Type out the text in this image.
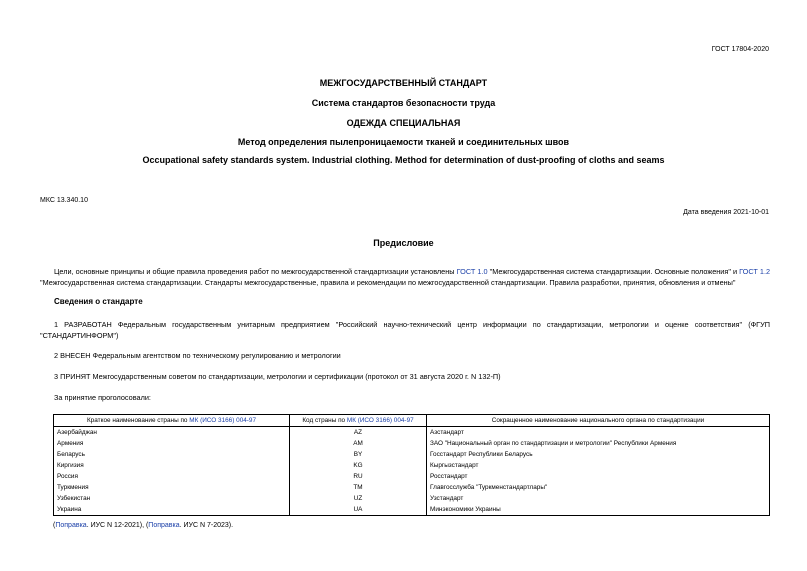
ГОСТ 17804-2020
МЕЖГОСУДАРСТВЕННЫЙ СТАНДАРТ
Система стандартов безопасности труда
ОДЕЖДА СПЕЦИАЛЬНАЯ
Метод определения пылепроницаемости тканей и соединительных швов
Occupational safety standards system. Industrial clothing. Method for determination of dust-proofing of cloths and seams
МКС 13.340.10
Дата введения 2021-10-01
Предисловие
Цели, основные принципы и общие правила проведения работ по межгосударственной стандартизации установлены ГОСТ 1.0 "Межгосударственная система стандартизации. Основные положения" и ГОСТ 1.2 "Межгосударственная система стандартизации. Стандарты межгосударственные, правила и рекомендации по межгосударственной стандартизации. Правила разработки, принятия, обновления и отмены"
Сведения о стандарте
1 РАЗРАБОТАН Федеральным государственным унитарным предприятием "Российский научно-технический центр информации по стандартизации, метрологии и оценке соответствия" (ФГУП "СТАНДАРТИНФОРМ")
2 ВНЕСЕН Федеральным агентством по техническому регулированию и метрологии
3 ПРИНЯТ Межгосударственным советом по стандартизации, метрологии и сертификации (протокол от 31 августа 2020 г. N 132-П)
За принятие проголосовали:
Краткое наименование страны по МК (ИСО 3166) 004-97	Код страны по МК (ИСО 3166) 004-97	Сокращенное наименование национального органа по стандартизации
Азербайджан	AZ	Азстандарт
Армения	AM	ЗАО "Национальный орган по стандартизации и метрологии" Республики Армения
Беларусь	BY	Госстандарт Республики Беларусь
Киргизия	KG	Кыргызстандарт
Россия	RU	Росстандарт
Туркмения	TM	Главгосслужба "Туркменстандартлары"
Узбекистан	UZ	Узстандарт
Украина	UA	Минэкономики Украины
(Поправка. ИУС N 12-2021), (Поправка. ИУС N 7-2023).
